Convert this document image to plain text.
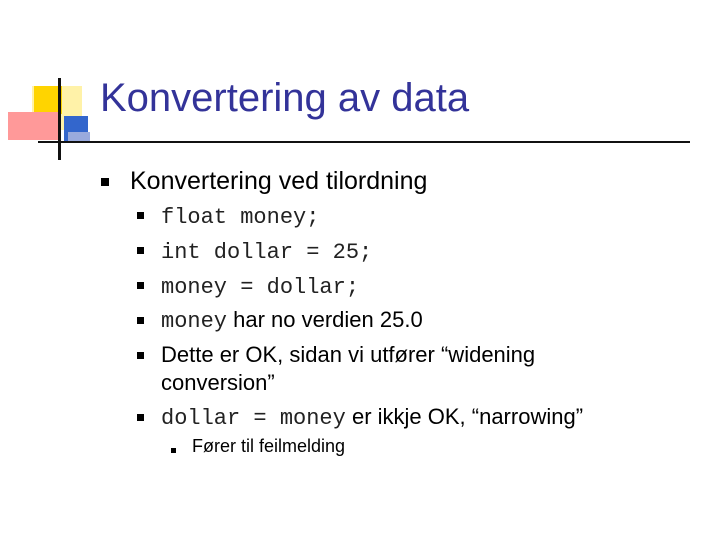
Konvertering av data
Konvertering ved tilordning
float money;
int dollar = 25;
money = dollar;
money har no verdien 25.0
Dette er OK, sidan vi utfører “widening
conversion”
dollar = money er ikkje OK, “narrowing”
Fører til feilmelding
